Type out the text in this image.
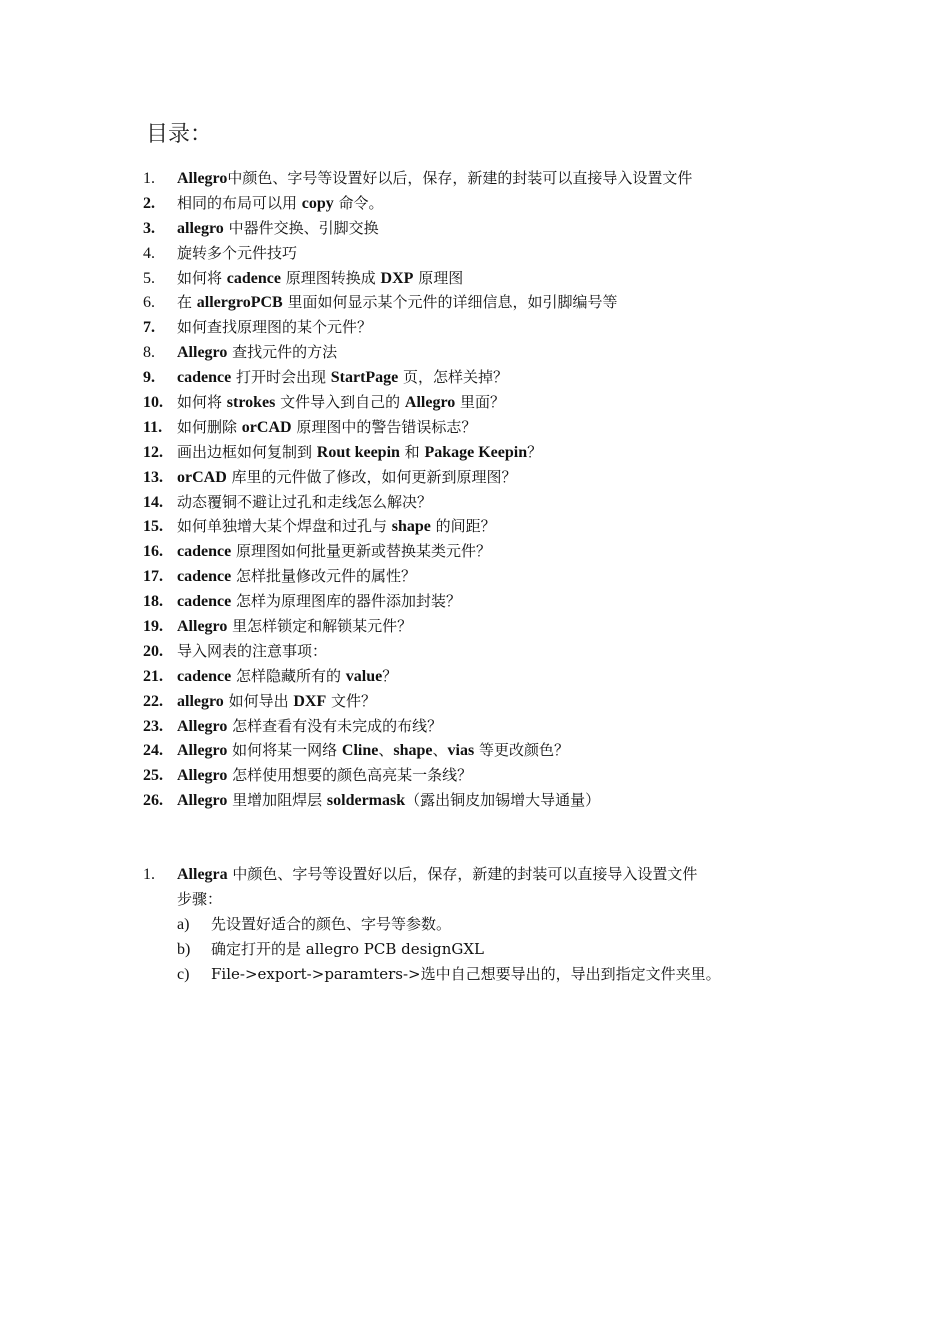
目录：
1. Allegro中颜色、字号等设置好以后，保存，新建的封装可以直接导入设置文件
2. 相同的布局可以用 copy 命令。
3. allegro 中器件交换、引脚交换
4. 旋转多个元件技巧
5. 如何将 cadence 原理图转换成 DXP 原理图
6. 在 allergroPCB 里面如何显示某个元件的详细信息，如引脚编号等
7. 如何查找原理图的某个元件？
8. Allegro 查找元件的方法
9. cadence 打开时会出现 StartPage 页，怎样关掉？
10. 如何将 strokes 文件导入到自己的 Allegro 里面？
11. 如何删除 orCAD 原理图中的警告错误标志？
12. 画出边框如何复制到 Rout keepin 和 Pakage Keepin？
13. orCAD 库里的元件做了修改，如何更新到原理图？
14. 动态覆铜不避让过孔和走线怎么解决？
15. 如何单独增大某个焊盘和过孔与 shape 的间距？
16. cadence 原理图如何批量更新或替换某类元件？
17. cadence 怎样批量修改元件的属性？
18. cadence 怎样为原理图库的器件添加封装？
19. Allegro 里怎样锁定和解锁某元件？
20. 导入网表的注意事项：
21. cadence 怎样隐藏所有的 value？
22. allegro 如何导出 DXF 文件？
23. Allegro 怎样查看有没有未完成的布线？
24. Allegro 如何将某一网络 Cline、shape、vias 等更改颜色？
25. Allegro 怎样使用想要的颜色高亮某一条线？
26. Allegro 里增加阻焊层 soldermask（露出铜皮加锡增大导通量）
1. Allegra 中颜色、字号等设置好以后，保存，新建的封装可以直接导入设置文件
步骤：
a) 先设置好适合的颜色、字号等参数。
b) 确定打开的是 allegro PCB designGXL
c) File->export->paramters->选中自己想要导出的，导出到指定文件夹里。
